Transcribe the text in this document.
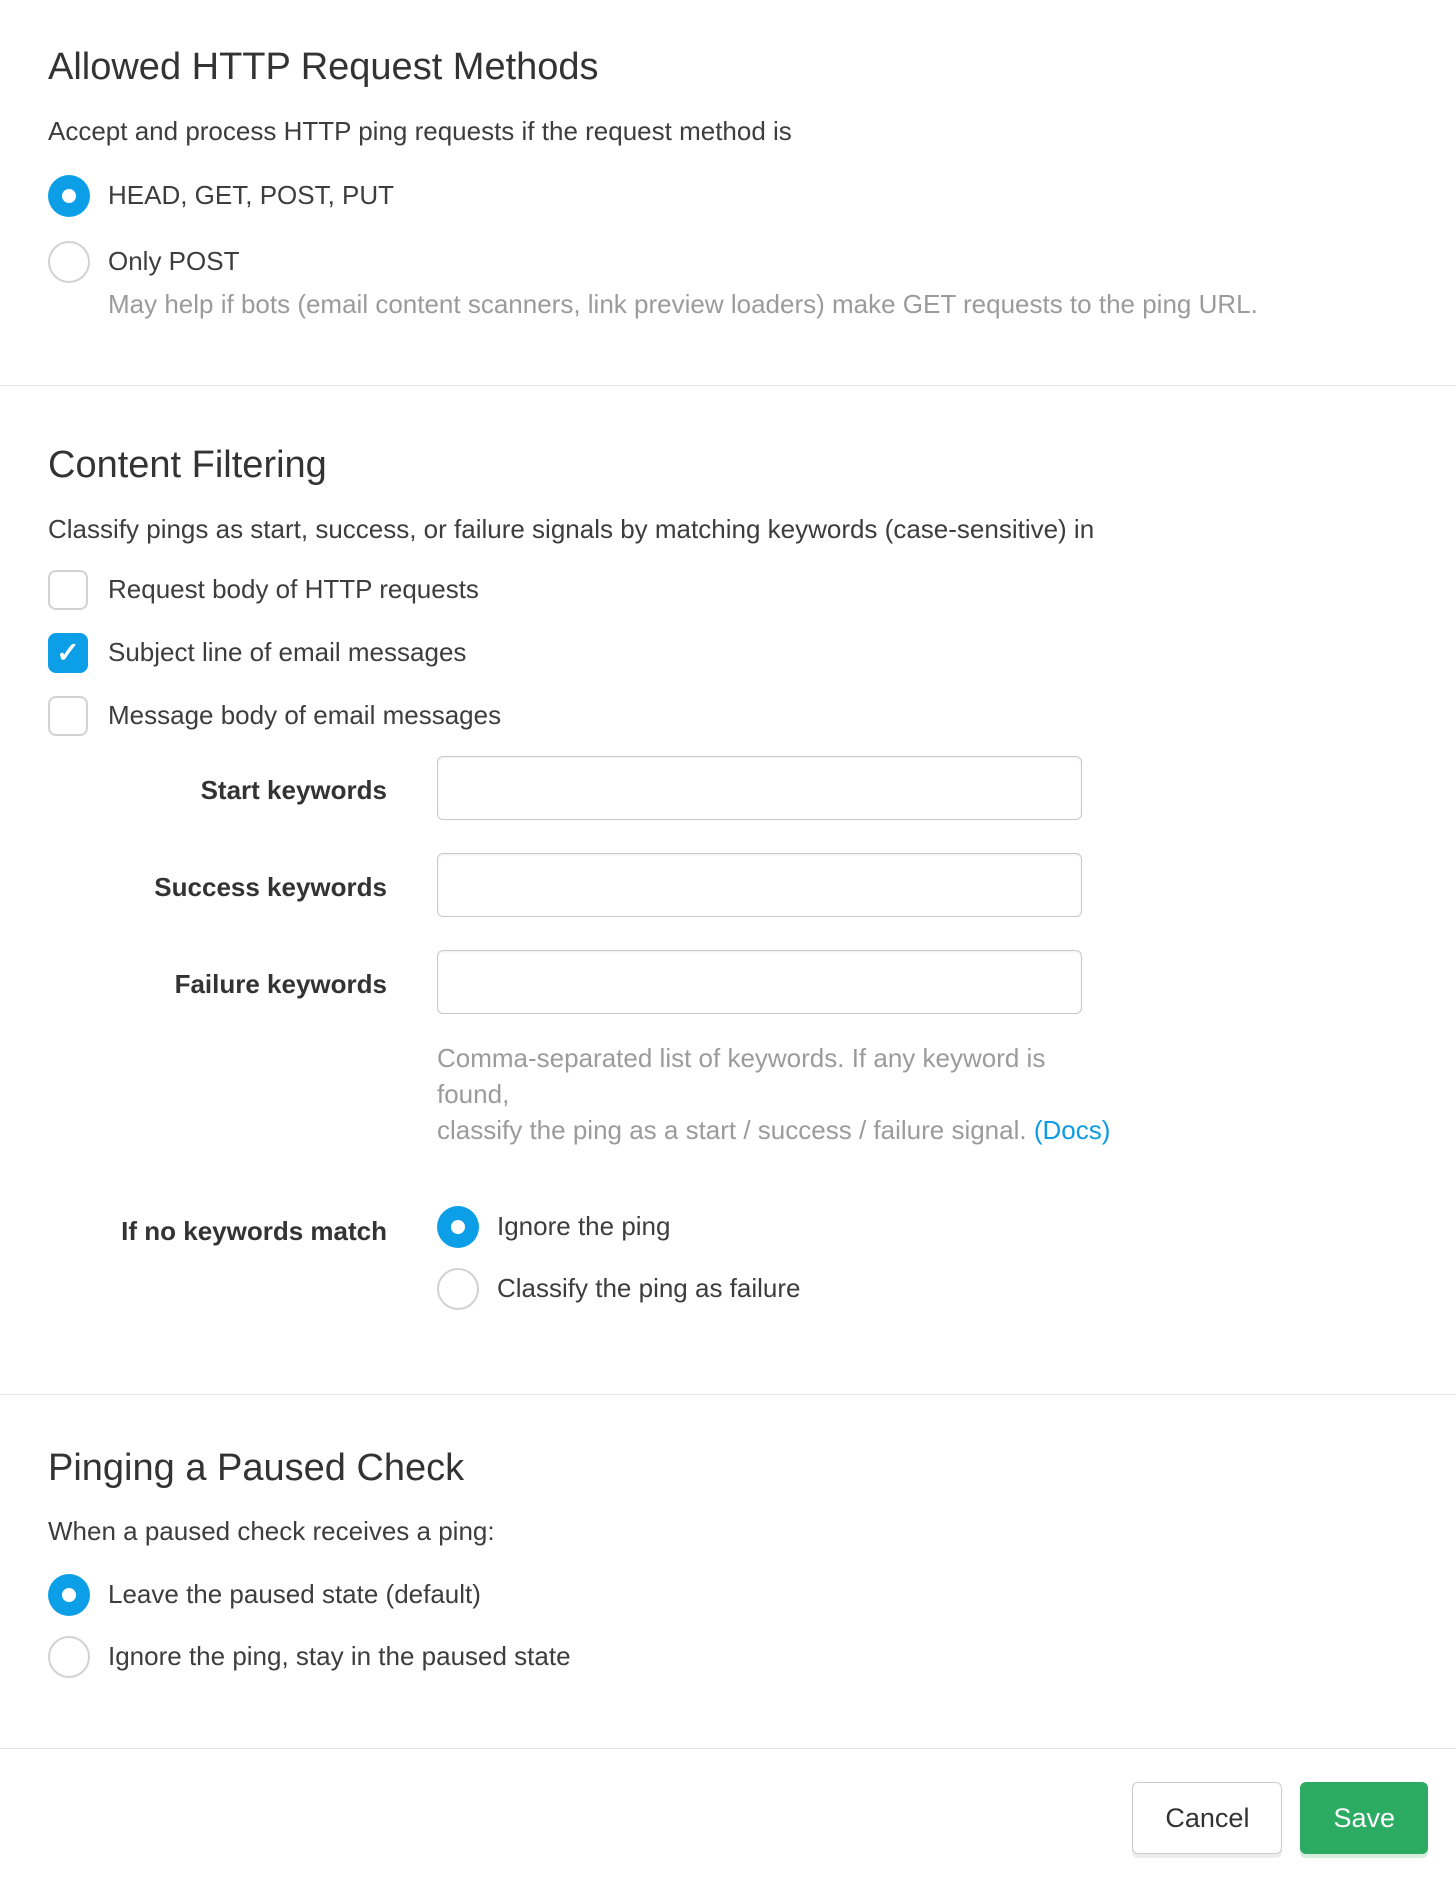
Allowed HTTP Request Methods

Accept and process HTTP ping requests if the request method is

HEAD, GET, POST, PUT
Only POST

May help if bots (email content scanners, link preview loaders) make GET requests to the ping URL.

Content Filtering

Classify pings as start, success, or failure signals by matching keywords (case-sensitive) in

Request body of HTTP requests
✓ Subject line of email messages
Message body of email messages
Start keywords
Success keywords
Failure keywords
Comma-separated list of keywords. If any keyword is found,
classify the ping as a start / success / failure signal. (Docs)
If no keywords match	Ignore the ping
Classify the ping as failure
Pinging a Paused Check

When a paused check receives a ping:

Leave the paused state (default)
Ignore the ping, stay in the paused state
Cancel	Save
